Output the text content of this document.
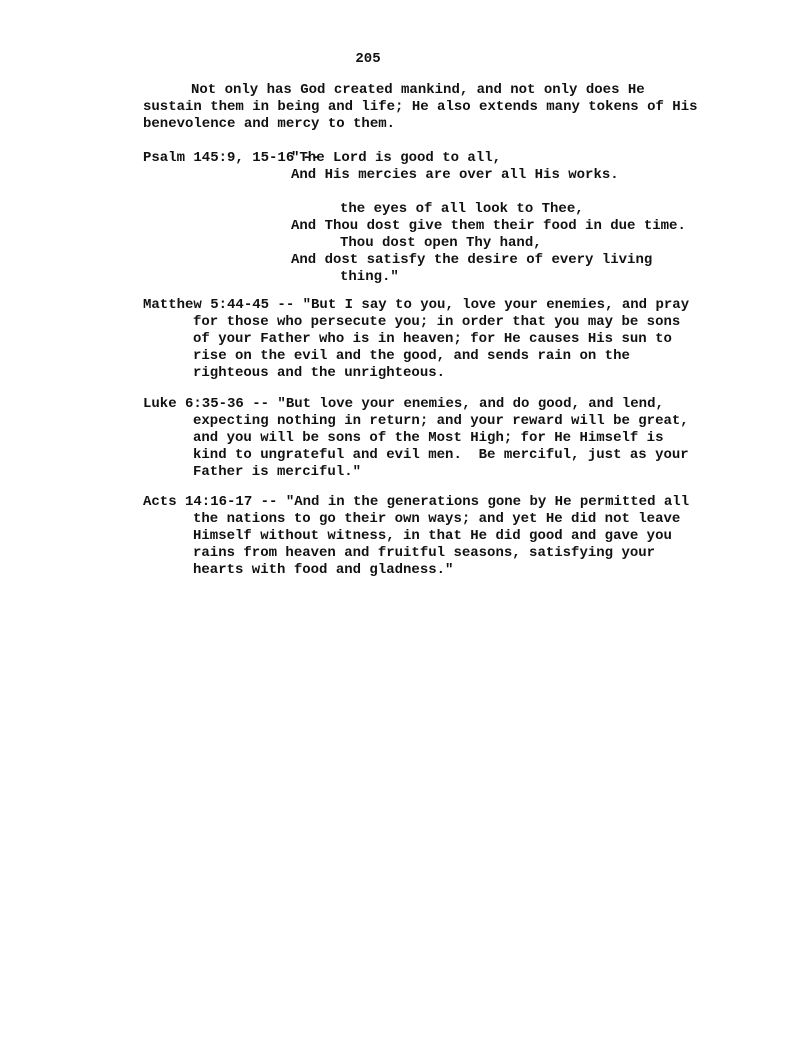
205
Not only has God created mankind, and not only does He
sustain them in being and life; He also extends many tokens of His
benevolence and mercy to them.
Psalm 145:9, 15-16 --"The Lord is good to all,
And His mercies are over all His works.
the eyes of all look to Thee,
And Thou dost give them their food in due time.
Thou dost open Thy hand,
And dost satisfy the desire of every living
thing."
Matthew 5:44-45 -- "But I say to you, love your enemies, and pray
for those who persecute you; in order that you may be sons
of your Father who is in heaven; for He causes His sun to
rise on the evil and the good, and sends rain on the
righteous and the unrighteous.
Luke 6:35-36 -- "But love your enemies, and do good, and lend,
expecting nothing in return; and your reward will be great,
and you will be sons of the Most High; for He Himself is
kind to ungrateful and evil men.  Be merciful, just as your
Father is merciful."
Acts 14:16-17 -- "And in the generations gone by He permitted all
the nations to go their own ways; and yet He did not leave
Himself without witness, in that He did good and gave you
rains from heaven and fruitful seasons, satisfying your
hearts with food and gladness."
